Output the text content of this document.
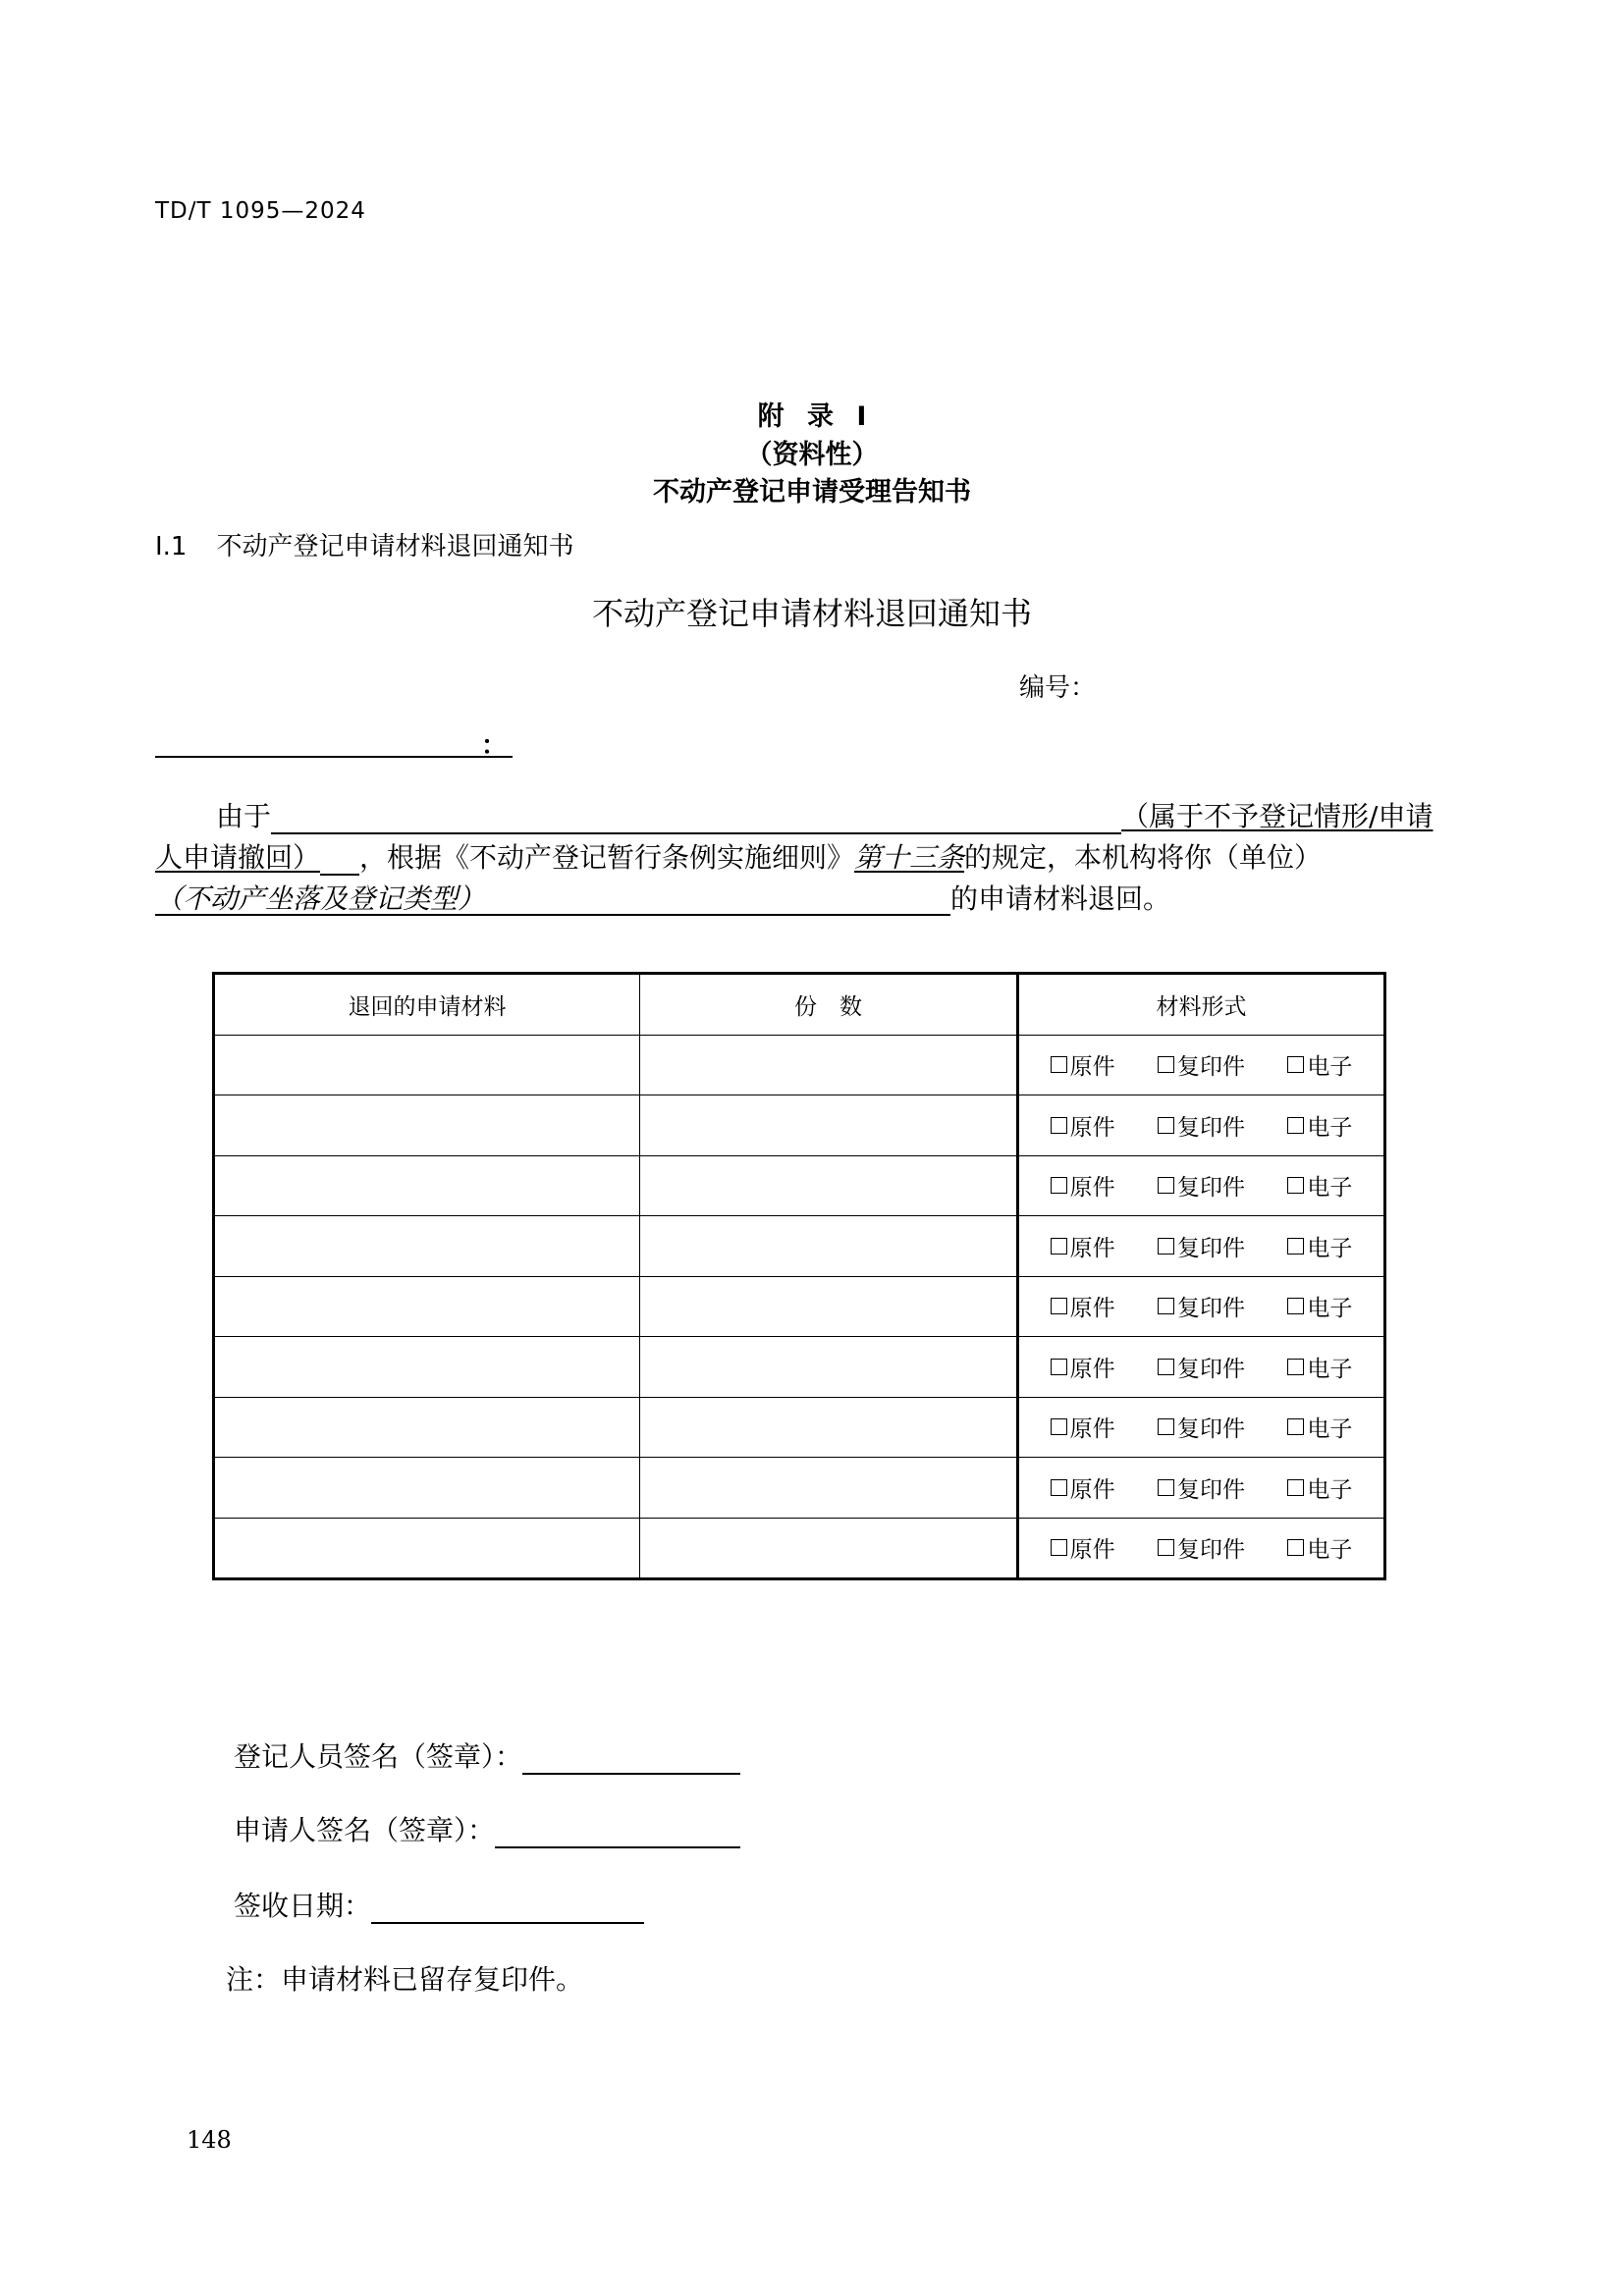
TD/T 1095—2024
附 录 I
（资料性）
不动产登记申请受理告知书
I.1 不动产登记申请材料退回通知书
不动产登记申请材料退回通知书
编号：
：
由于	（属于不予登记情形/申请
人申请撤回） ，根据《不动产登记暂行条例实施细则》第十三条的规定，本机构将你（单位）
（不动产坐落及登记类型）	的申请材料退回。
退回的申请材料	份　数	材料形式

		原件 复印件 电子

		原件 复印件 电子

		原件 复印件 电子

		原件 复印件 电子

		原件 复印件 电子

		原件 复印件 电子

		原件 复印件 电子

		原件 复印件 电子

		原件 复印件 电子
登记人员签名（签章）：
申请人签名（签章）：
签收日期：
注：申请材料已留存复印件。
148
